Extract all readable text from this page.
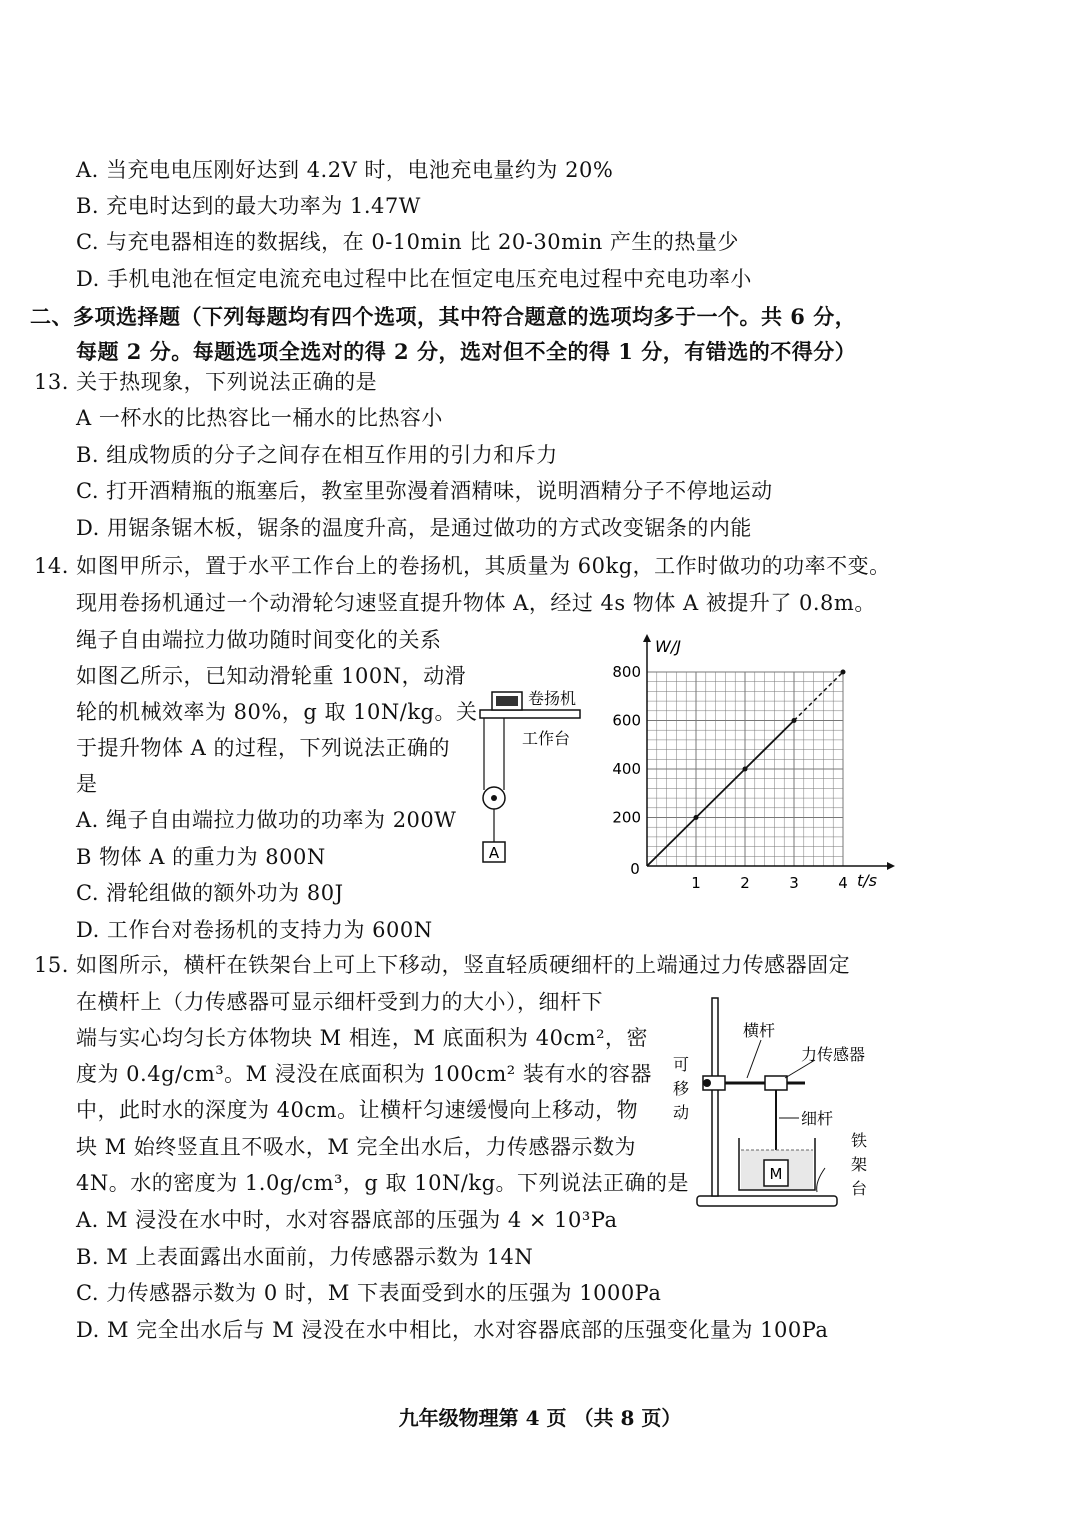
A. 当充电电压刚好达到 4.2V 时，电池充电量约为 20%
B. 充电时达到的最大功率为 1.47W
C. 与充电器相连的数据线，在 0-10min 比 20-30min 产生的热量少
D. 手机电池在恒定电流充电过程中比在恒定电压充电过程中充电功率小
二、多项选择题（下列每题均有四个选项，其中符合题意的选项均多于一个。共 6 分，
每题 2 分。每题选项全选对的得 2 分，选对但不全的得 1 分，有错选的不得分）
13. 关于热现象，下列说法正确的是
A 一杯水的比热容比一桶水的比热容小
B. 组成物质的分子之间存在相互作用的引力和斥力
C. 打开酒精瓶的瓶塞后，教室里弥漫着酒精味，说明酒精分子不停地运动
D. 用锯条锯木板，锯条的温度升高，是通过做功的方式改变锯条的内能
14. 如图甲所示，置于水平工作台上的卷扬机，其质量为 60kg，工作时做功的功率不变。
现用卷扬机通过一个动滑轮匀速竖直提升物体 A，经过 4s 物体 A 被提升了 0.8m。
绳子自由端拉力做功随时间变化的关系
如图乙所示，已知动滑轮重 100N，动滑
轮的机械效率为 80%，g 取 10N/kg。关
于提升物体 A 的过程，下列说法正确的
是
A. 绳子自由端拉力做功的功率为 200W
B 物体 A 的重力为 800N
C. 滑轮组做的额外功为 80J
D. 工作台对卷扬机的支持力为 600N
A
卷扬机
工作台
1	2	3	4
200
400
600
800
W/J
t/s
0
15. 如图所示，横杆在铁架台上可上下移动，竖直轻质硬细杆的上端通过力传感器固定
在横杆上（力传感器可显示细杆受到力的大小），细杆下
端与实心均匀长方体物块 M 相连，M 底面积为 40cm²，密
度为 0.4g/cm³。M 浸没在底面积为 100cm² 装有水的容器
中，此时水的深度为 40cm。让横杆匀速缓慢向上移动，物
块 M 始终竖直且不吸水，M 完全出水后，力传感器示数为
4N。水的密度为 1.0g/cm³，g 取 10N/kg。下列说法正确的是
A. M 浸没在水中时，水对容器底部的压强为 4 × 10³Pa
B. M 上表面露出水面前，力传感器示数为 14N
C. 力传感器示数为 0 时，M 下表面受到水的压强为 1000Pa
D. M 完全出水后与 M 浸没在水中相比，水对容器底部的压强变化量为 100Pa
M
横杆
力传感器
可
移
动	细杆
铁
架
台
九年级物理第 4 页 （共 8 页）
